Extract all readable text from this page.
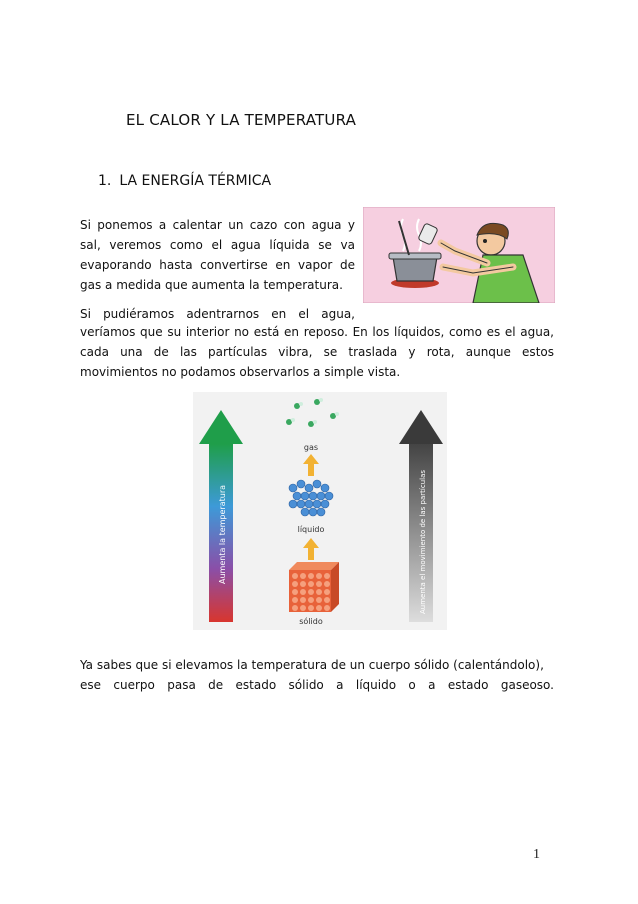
EL CALOR Y LA TEMPERATURA
1. LA ENERGÍA TÉRMICA
Si ponemos a calentar un cazo con agua y
sal, veremos como el agua líquida se va
evaporando hasta convertirse en vapor de
gas a medida que aumenta la temperatura.
Si pudiéramos adentrarnos en el agua,
veríamos que su interior no está en reposo. En los líquidos, como es el agua, cada una de las partículas vibra, se traslada y rota, aunque estos movimientos no podamos observarlos a simple vista.
Aumenta la temperatura	Aumenta el movimiento de las partículas
gas
líquido
sólido
Ya sabes que si elevamos la temperatura de un cuerpo sólido (calentándolo),
ese cuerpo pasa de estado sólido a líquido o a estado gaseoso.
1
